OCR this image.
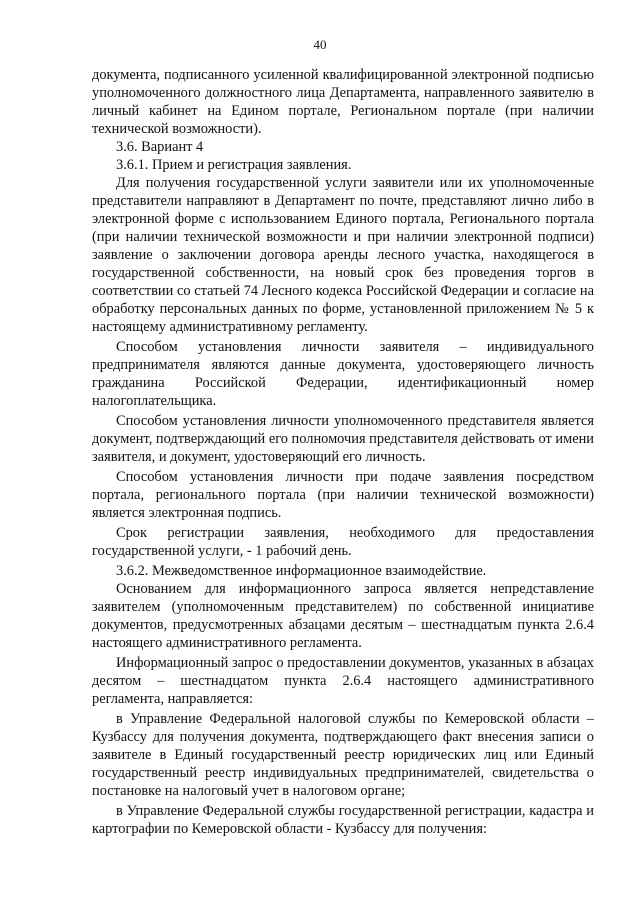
40

документа, подписанного усиленной квалифицированной электронной подписью уполномоченного должностного лица Департамента, направленного заявителю в личный кабинет на Едином портале, Региональном портале (при наличии технической возможности).

3.6. Вариант 4

3.6.1. Прием и регистрация заявления.

Для получения государственной услуги заявители или их уполномоченные представители направляют в Департамент по почте, представляют лично либо в электронной форме с использованием Единого портала, Регионального портала (при наличии технической возможности и при наличии электронной подписи) заявление о заключении договора аренды лесного участка, находящегося в государственной собственности, на новый срок без проведения торгов в соответствии со статьей 74 Лесного кодекса Российской Федерации и согласие на обработку персональных данных по форме, установленной приложением № 5 к настоящему административному регламенту.

Способом установления личности заявителя – индивидуального предпринимателя являются данные документа, удостоверяющего личность гражданина Российской Федерации, идентификационный номер налогоплательщика.

Способом установления личности уполномоченного представителя является документ, подтверждающий его полномочия представителя действовать от имени заявителя, и документ, удостоверяющий его личность.

Способом установления личности при подаче заявления посредством портала, регионального портала (при наличии технической возможности) является электронная подпись.

Срок регистрации заявления, необходимого для предоставления государственной услуги, - 1 рабочий день.

3.6.2. Межведомственное информационное взаимодействие.

Основанием для информационного запроса является непредставление заявителем (уполномоченным представителем) по собственной инициативе документов, предусмотренных абзацами десятым – шестнадцатым пункта 2.6.4 настоящего административного регламента.

Информационный запрос о предоставлении документов, указанных в абзацах десятом – шестнадцатом пункта 2.6.4 настоящего административного регламента, направляется:

в Управление Федеральной налоговой службы по Кемеровской области – Кузбассу для получения документа, подтверждающего факт внесения записи о заявителе в Единый государственный реестр юридических лиц или Единый государственный реестр индивидуальных предпринимателей, свидетельства о постановке на налоговый учет в налоговом органе;

в Управление Федеральной службы государственной регистрации, кадастра и картографии по Кемеровской области - Кузбассу для получения:
